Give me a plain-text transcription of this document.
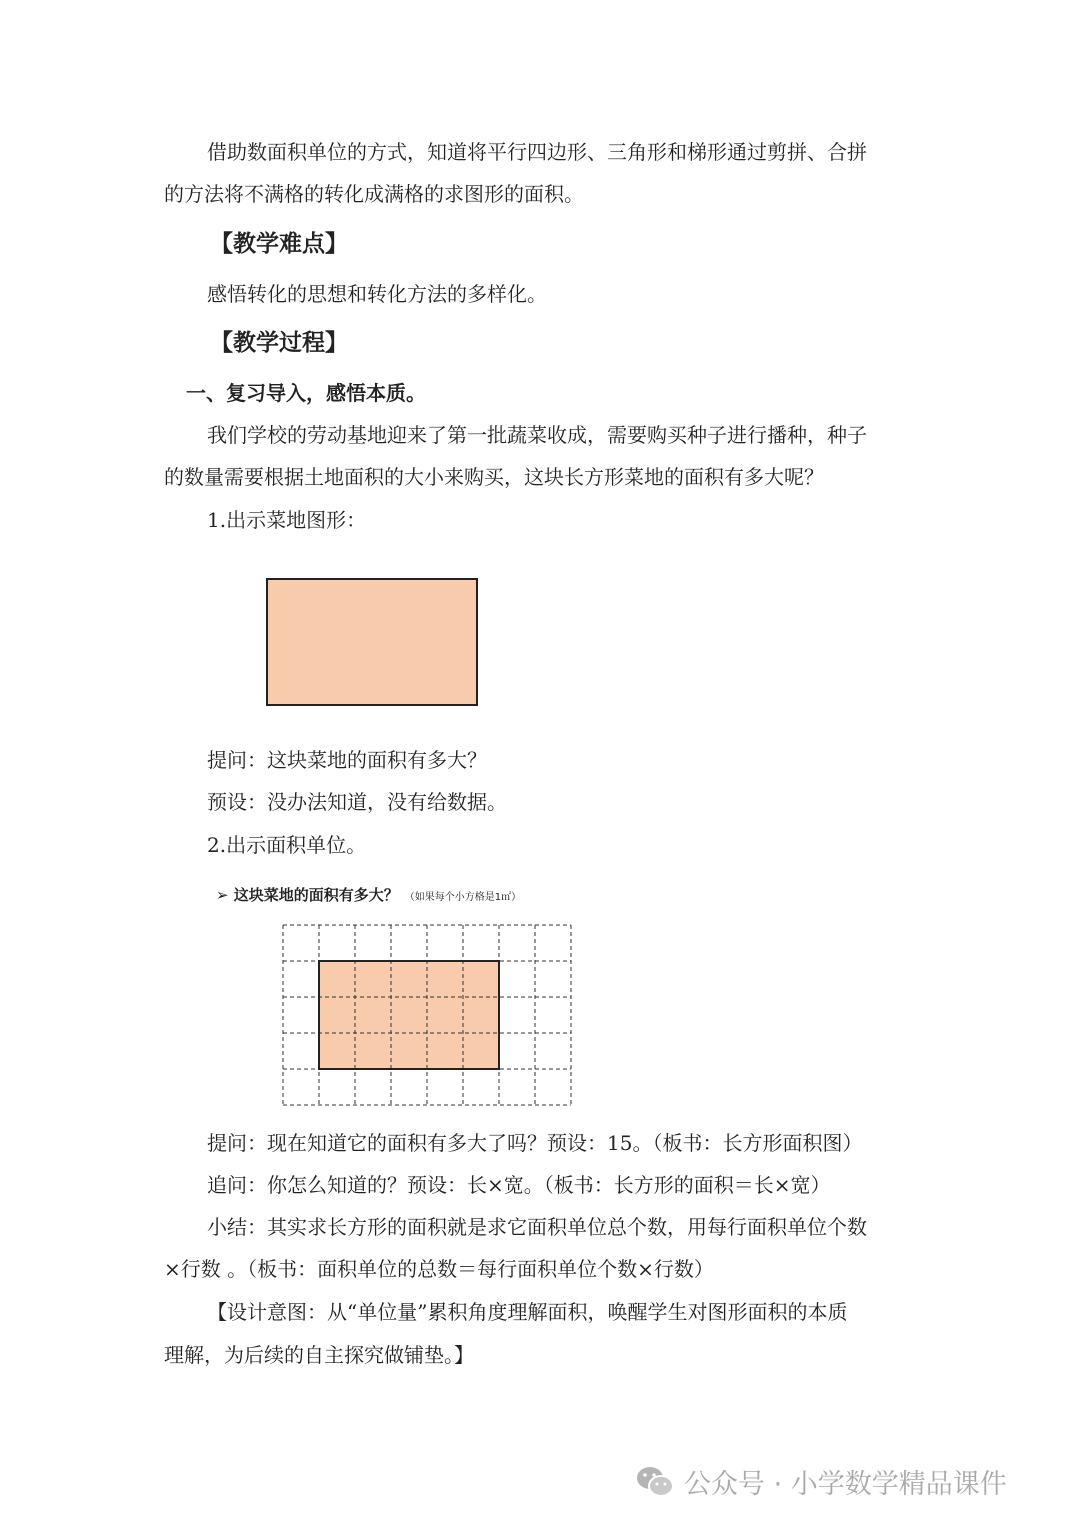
借助数面积单位的方式，知道将平行四边形、三角形和梯形通过剪拼、合拼

的方法将不满格的转化成满格的求图形的面积。

【教学难点】

感悟转化的思想和转化方法的多样化。

【教学过程】

一、复习导入，感悟本质。

我们学校的劳动基地迎来了第一批蔬菜收成，需要购买种子进行播种，种子

的数量需要根据土地面积的大小来购买，这块长方形菜地的面积有多大呢？

1.出示菜地图形：

提问：这块菜地的面积有多大？

预设：没办法知道，没有给数据。

2.出示面积单位。

➢ 这块菜地的面积有多大？ （如果每个小方格是1㎡）

提问：现在知道它的面积有多大了吗？预设：15。（板书：长方形面积图）

追问：你怎么知道的？预设：长×宽。（板书：长方形的面积＝长×宽）

小结：其实求长方形的面积就是求它面积单位总个数，用每行面积单位个数

×行数 。（板书：面积单位的总数＝每行面积单位个数×行数）

【设计意图：从“单位量”累积角度理解面积，唤醒学生对图形面积的本质

理解，为后续的自主探究做铺垫。】

公众号 · 小学数学精品课件
